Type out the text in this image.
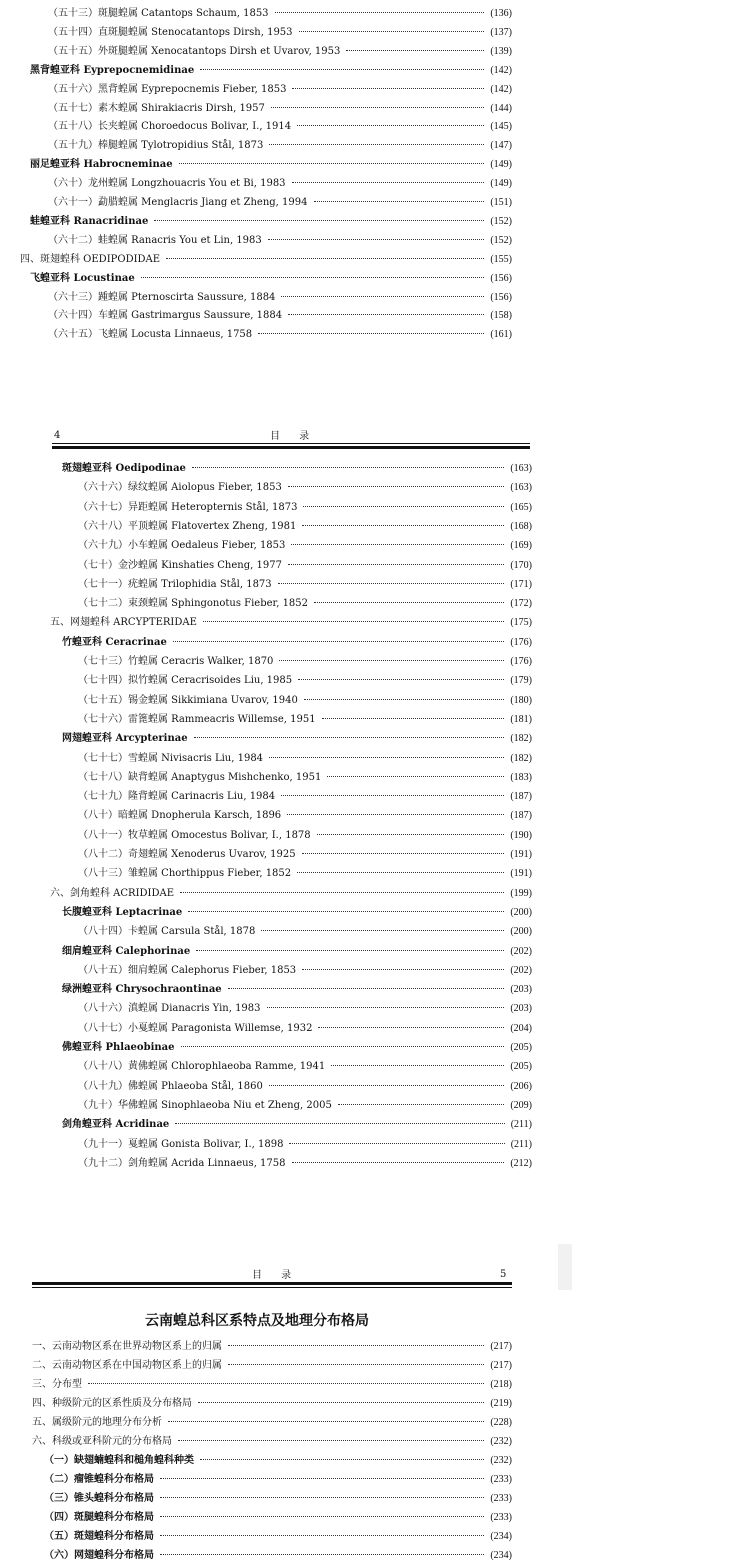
4	目 录
目 录	5
云南蝗总科区系特点及地理分布格局
（五十三）斑腿蝗属 Catantops Schaum, 1853	(136)
（五十四）直斑腿蝗属 Stenocatantops Dirsh, 1953	(137)
（五十五）外斑腿蝗属 Xenocatantops Dirsh et Uvarov, 1953	(139)
黑背蝗亚科 Eyprepocnemidinae	(142)
（五十六）黑背蝗属 Eyprepocnemis Fieber, 1853	(142)
（五十七）素木蝗属 Shirakiacris Dirsh, 1957	(144)
（五十八）长夹蝗属 Choroedocus Bolivar, I., 1914	(145)
（五十九）棒腿蝗属 Tylotropidius Stål, 1873	(147)
丽足蝗亚科 Habrocneminae	(149)
（六十）龙州蝗属 Longzhouacris You et Bi, 1983	(149)
（六十一）勐腊蝗属 Menglacris Jiang et Zheng, 1994	(151)
蛙蝗亚科 Ranacridinae	(152)
（六十二）蛙蝗属 Ranacris You et Lin, 1983	(152)
四、斑翅蝗科 OEDIPODIDAE	(155)
飞蝗亚科 Locustinae	(156)
（六十三）踵蝗属 Pternoscirta Saussure, 1884	(156)
（六十四）车蝗属 Gastrimargus Saussure, 1884	(158)
（六十五）飞蝗属 Locusta Linnaeus, 1758	(161)
斑翅蝗亚科 Oedipodinae	(163)
（六十六）绿纹蝗属 Aiolopus Fieber, 1853	(163)
（六十七）异距蝗属 Heteropternis Stål, 1873	(165)
（六十八）平顶蝗属 Flatovertex Zheng, 1981	(168)
（六十九）小车蝗属 Oedaleus Fieber, 1853	(169)
（七十）金沙蝗属 Kinshaties Cheng, 1977	(170)
（七十一）疣蝗属 Trilophidia Stål, 1873	(171)
（七十二）束颈蝗属 Sphingonotus Fieber, 1852	(172)
五、网翅蝗科 ARCYPTERIDAE	(175)
竹蝗亚科 Ceracrinae	(176)
（七十三）竹蝗属 Ceracris Walker, 1870	(176)
（七十四）拟竹蝗属 Ceracrisoides Liu, 1985	(179)
（七十五）锡金蝗属 Sikkimiana Uvarov, 1940	(180)
（七十六）雷篦蝗属 Rammeacris Willemse, 1951	(181)
网翅蝗亚科 Arcypterinae	(182)
（七十七）雪蝗属 Nivisacris Liu, 1984	(182)
（七十八）缺背蝗属 Anaptygus Mishchenko, 1951	(183)
（七十九）隆背蝗属 Carinacris Liu, 1984	(187)
（八十）暗蝗属 Dnopherula Karsch, 1896	(187)
（八十一）牧草蝗属 Omocestus Bolivar, I., 1878	(190)
（八十二）奇翅蝗属 Xenoderus Uvarov, 1925	(191)
（八十三）雏蝗属 Chorthippus Fieber, 1852	(191)
六、剑角蝗科 ACRIDIDAE	(199)
长腹蝗亚科 Leptacrinae	(200)
（八十四）卡蝗属 Carsula Stål, 1878	(200)
细肩蝗亚科 Calephorinae	(202)
（八十五）细肩蝗属 Calephorus Fieber, 1853	(202)
绿洲蝗亚科 Chrysochraontinae	(203)
（八十六）滇蝗属 Dianacris Yin, 1983	(203)
（八十七）小戛蝗属 Paragonista Willemse, 1932	(204)
佛蝗亚科 Phlaeobinae	(205)
（八十八）黄佛蝗属 Chlorophlaeoba Ramme, 1941	(205)
（八十九）佛蝗属 Phlaeoba Stål, 1860	(206)
（九十）华佛蝗属 Sinophlaeoba Niu et Zheng, 2005	(209)
剑角蝗亚科 Acridinae	(211)
（九十一）戛蝗属 Gonista Bolivar, I., 1898	(211)
（九十二）剑角蝗属 Acrida Linnaeus, 1758	(212)
一、云南动物区系在世界动物区系上的归属	(217)
二、云南动物区系在中国动物区系上的归属	(217)
三、分布型	(218)
四、种级阶元的区系性质及分布格局	(219)
五、属级阶元的地理分布分析	(228)
六、科级或亚科阶元的分布格局	(232)
（一）缺翅蝻蝗科和槌角蝗科种类	(232)
（二）瘤锥蝗科分布格局	(233)
（三）锥头蝗科分布格局	(233)
（四）斑腿蝗科分布格局	(233)
（五）斑翅蝗科分布格局	(234)
（六）网翅蝗科分布格局	(234)
